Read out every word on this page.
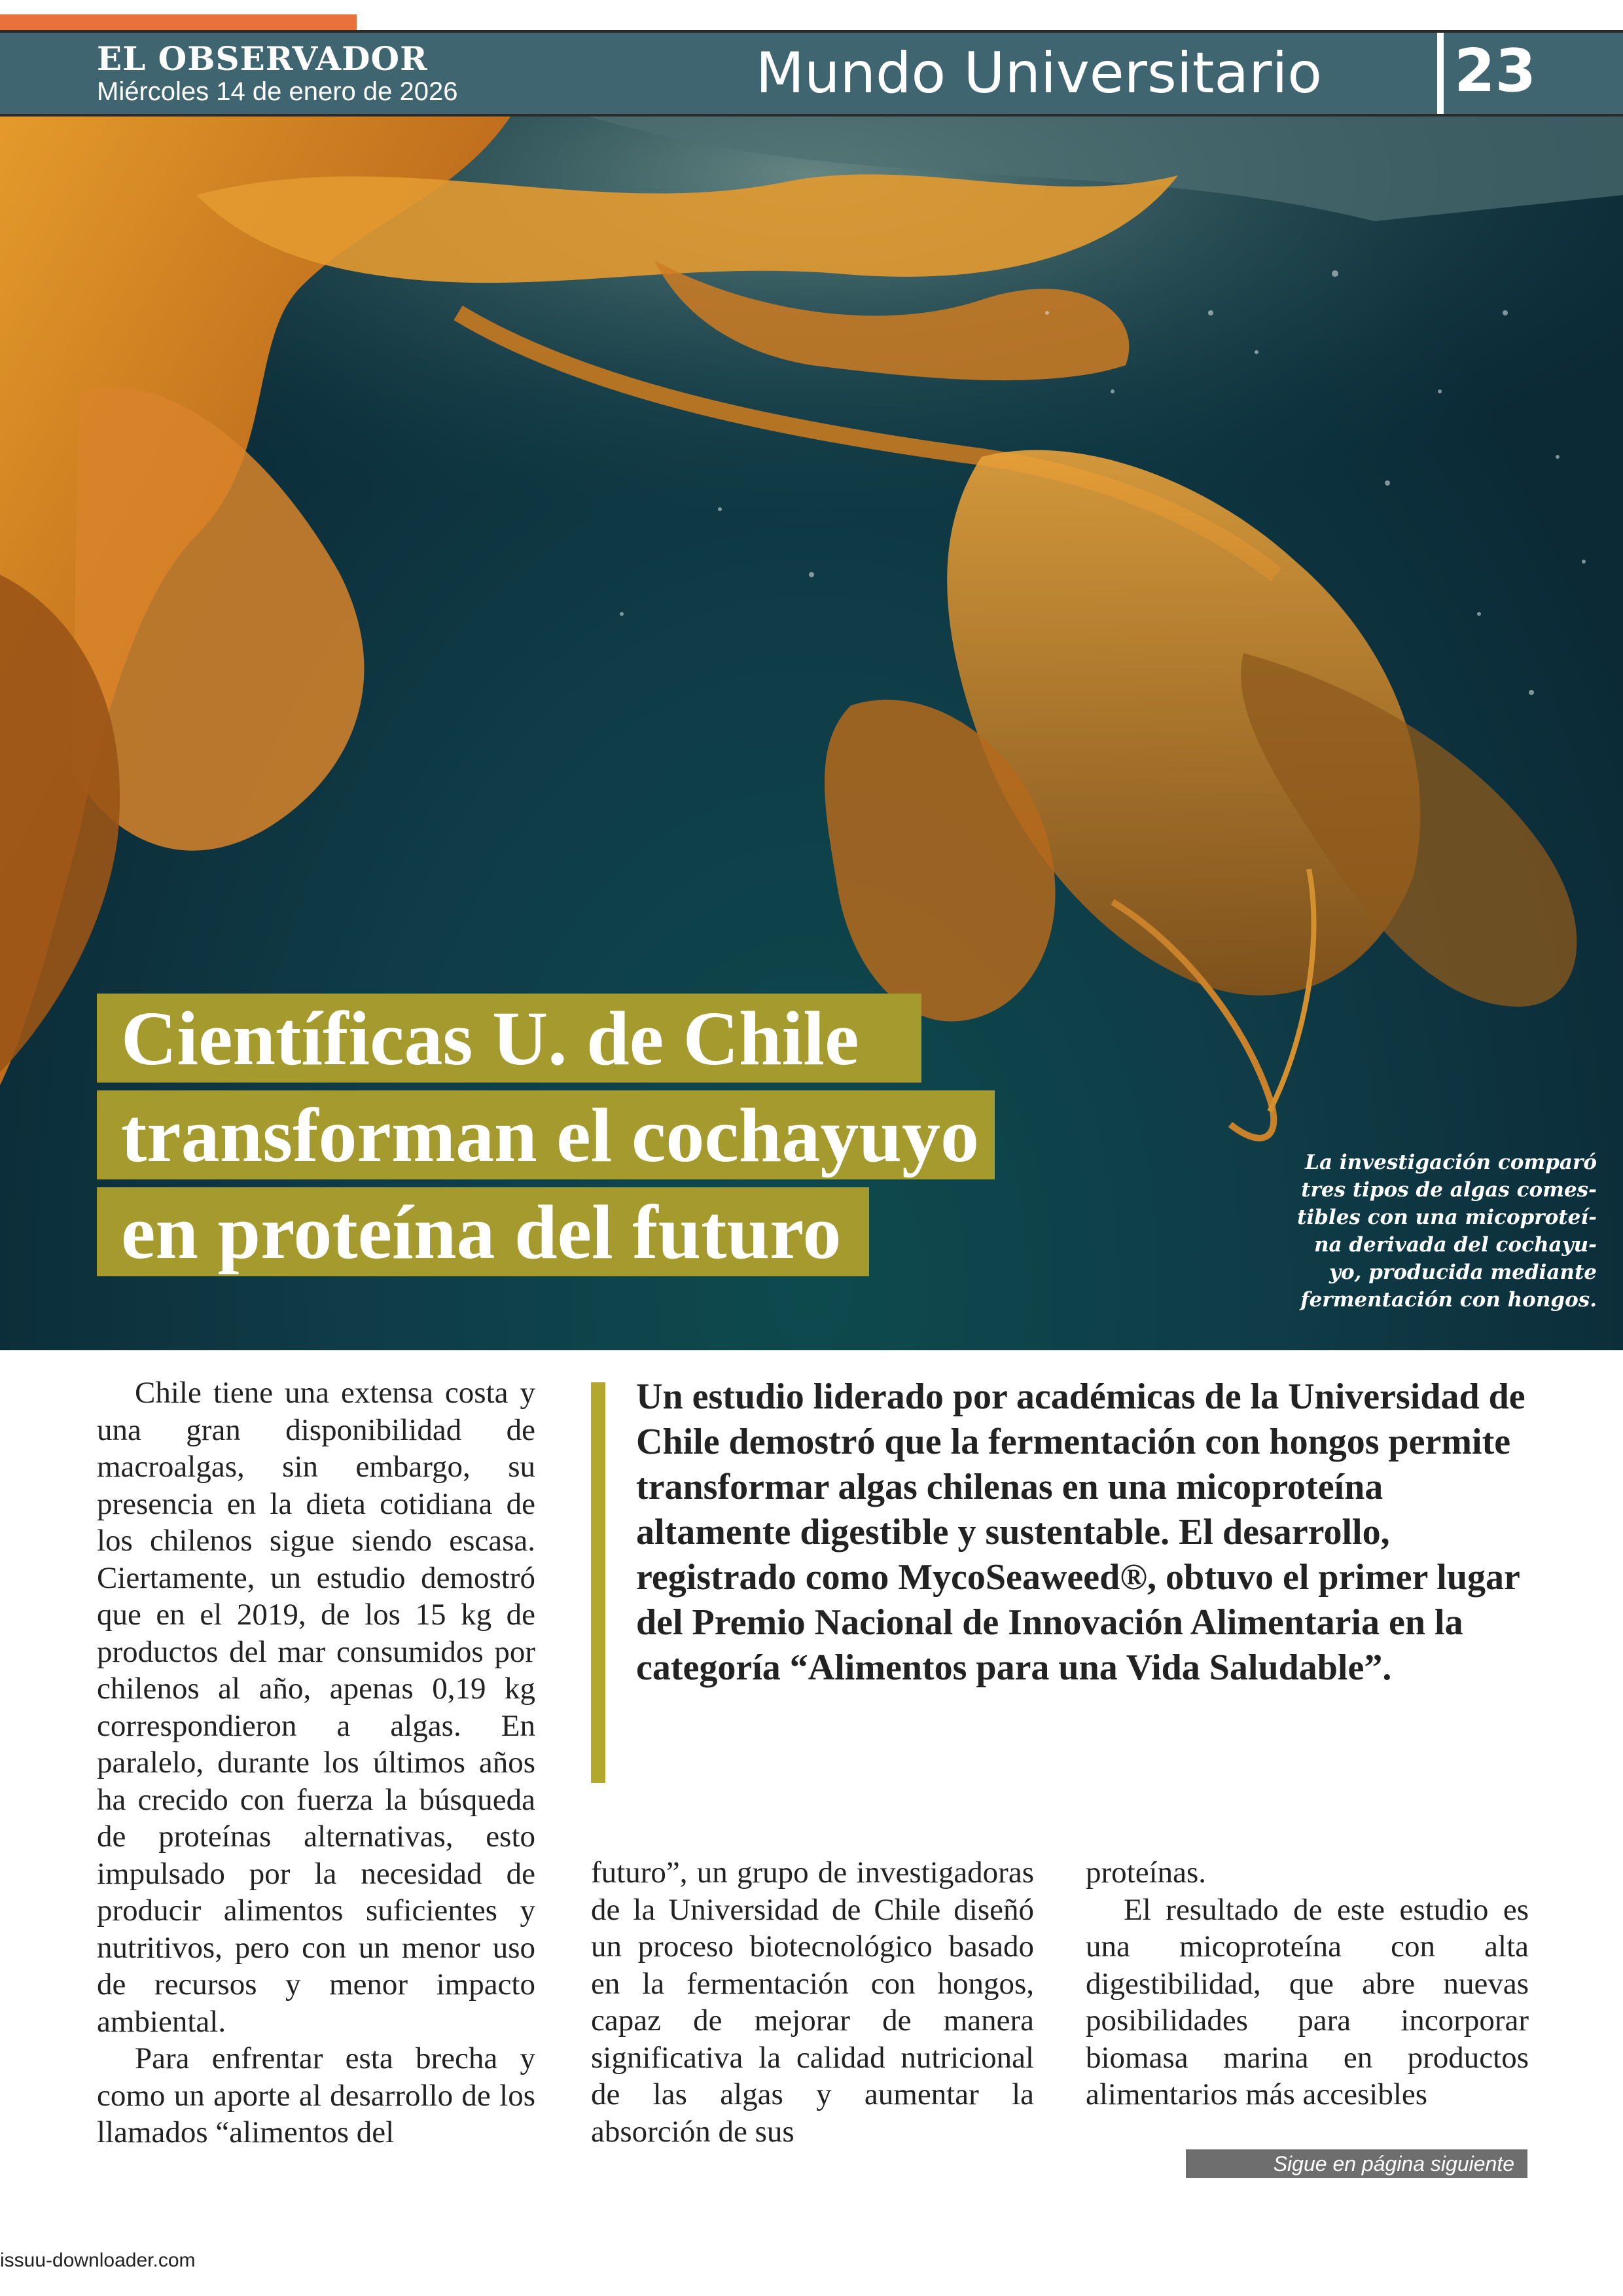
EL OBSERVADOR
Miércoles 14 de enero de 2026	Mundo Universitario 23
Científicas U. de Chile
transforman el cochayuyo
en proteína del futuro
La investigación comparó
tres tipos de algas comes-
tibles con una micoproteí-
na derivada del cochayu-
yo, producida mediante
fermentación con hongos.

Chile tiene una extensa costa y una gran disponibilidad de macroalgas, sin embargo, su presencia en la dieta cotidiana de los chilenos sigue siendo escasa. Ciertamente, un estudio demostró que en el 2019, de los 15 kg de productos del mar consumidos por chilenos al año, apenas 0,19 kg correspondieron a algas. En paralelo, durante los últimos años ha crecido con fuerza la búsqueda de proteínas alternativas, esto impulsado por la necesidad de producir alimentos suficientes y nutritivos, pero con un menor uso de recursos y menor impacto ambiental.

Para enfrentar esta brecha y como un aporte al desarrollo de los llamados “alimentos del

Un estudio liderado por académicas de la Universidad de Chile demostró que la fermentación con hongos permite transformar algas chilenas en una micoproteína altamente digestible y sustentable. El desarrollo, registrado como MycoSeaweed®, obtuvo el primer lugar del Premio Nacional de Innovación Alimentaria en la categoría “Alimentos para una Vida Saludable”.

futuro”, un grupo de investigadoras de la Universidad de Chile diseñó un proceso biotecnológico basado en la fermentación con hongos, capaz de mejorar de manera significativa la calidad nutricional de las algas y aumentar la absorción de sus

proteínas.

El resultado de este estudio es una micoproteína con alta digestibilidad, que abre nuevas posibilidades para incorporar biomasa marina en productos alimentarios más accesibles

Sigue en página siguiente
issuu-downloader.com
